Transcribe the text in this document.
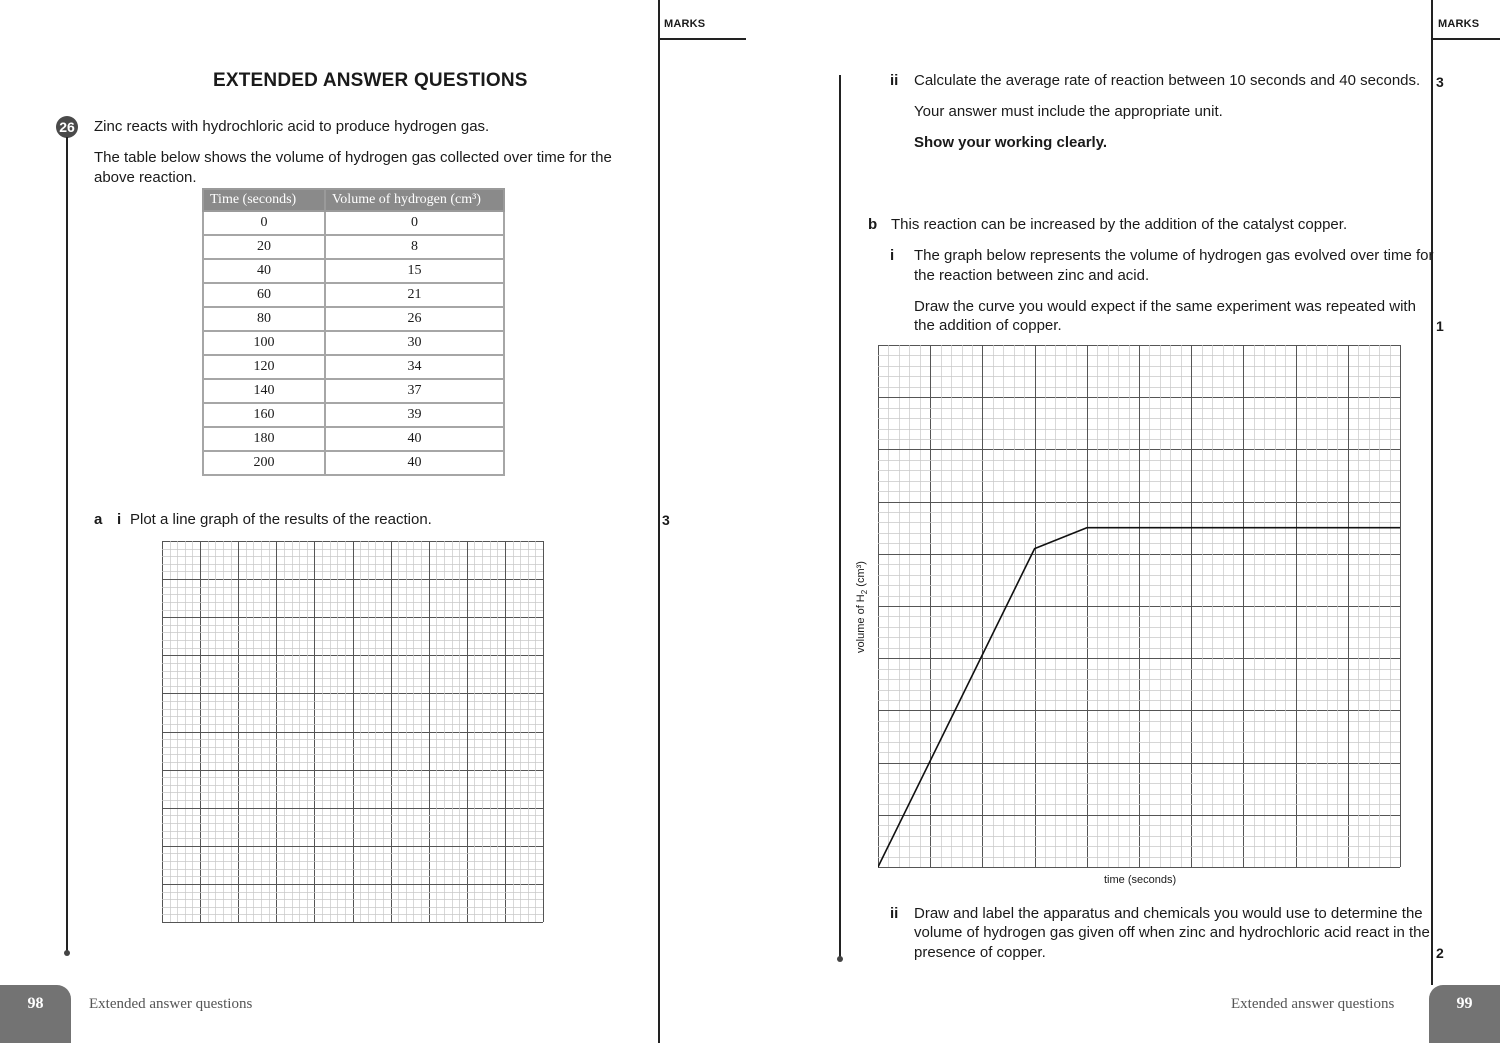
EXTENDED ANSWER QUESTIONS
26 Zinc reacts with hydrochloric acid to produce hydrogen gas.
The table below shows the volume of hydrogen gas collected over time for the
above reaction.
Time (seconds)	Volume of hydrogen (cm³)
0	0
20	8
40	15
60	21
80	26
100	30
120	34
140	37
160	39
180	40
200	40
a i Plot a line graph of the results of the reaction.
98	Extended answer questions
MARKS
3
MARKS
ii Calculate the average rate of reaction between 10 seconds and 40 seconds. 3
Your answer must include the appropriate unit.
Show your working clearly.
b This reaction can be increased by the addition of the catalyst copper.
i The graph below represents the volume of hydrogen gas evolved over time for
the reaction between zinc and acid.
Draw the curve you would expect if the same experiment was repeated with
the addition of copper.	1
volume of $H_2$ (cm³)
time (seconds)
ii Draw and label the apparatus and chemicals you would use to determine the
volume of hydrogen gas given off when zinc and hydrochloric acid react in the
presence of copper.	2
Extended answer questions	99
